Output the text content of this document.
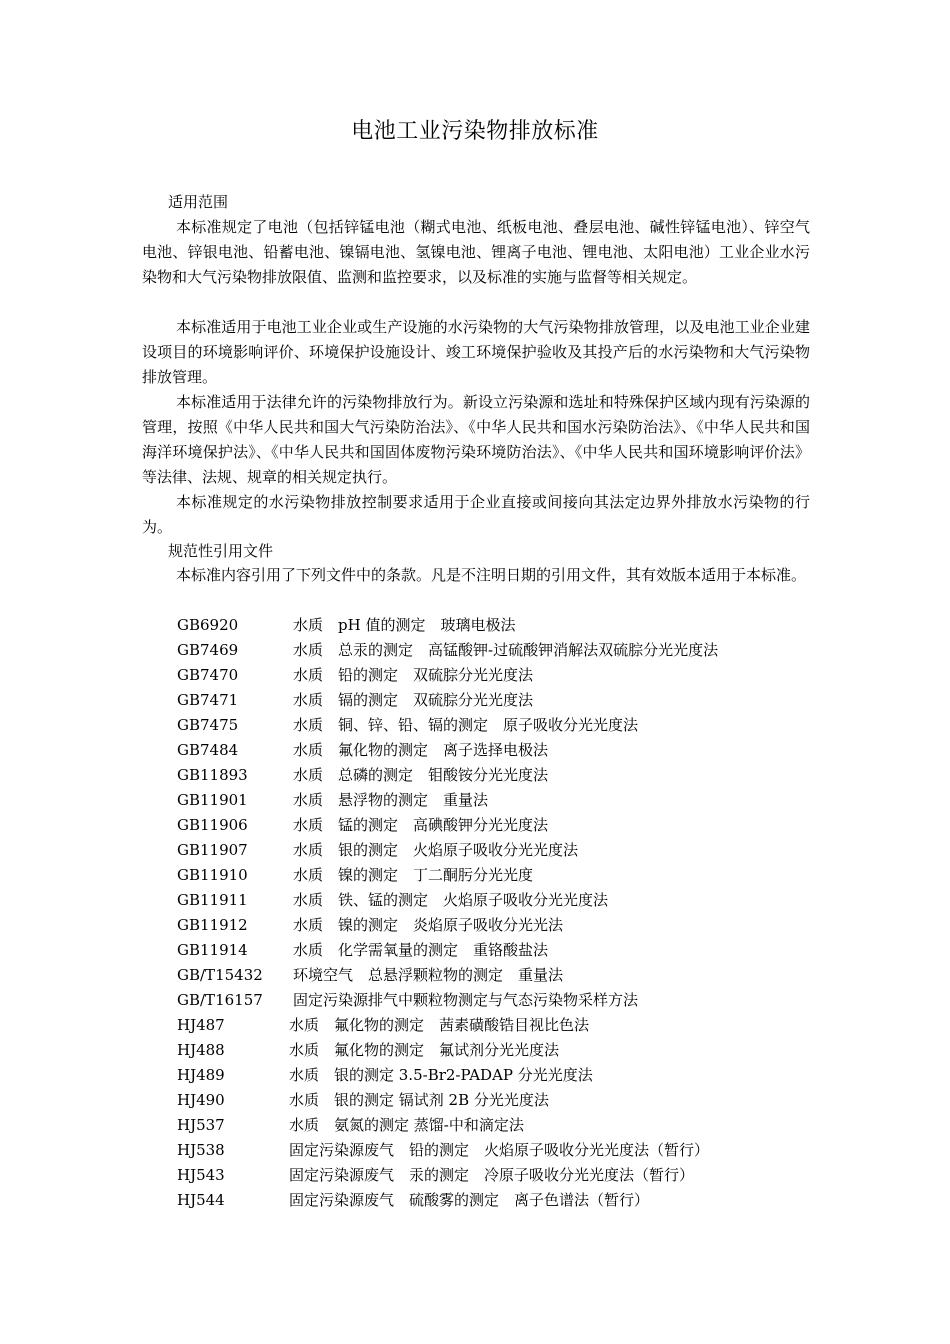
电池工业污染物排放标准
适用范围

本标准规定了电池（包括锌锰电池（糊式电池、纸板电池、叠层电池、碱性锌锰电池）、锌空气电池、锌银电池、铅蓄电池、镍镉电池、氢镍电池、锂离子电池、锂电池、太阳电池）工业企业水污染物和大气污染物排放限值、监测和监控要求，以及标准的实施与监督等相关规定。

本标准适用于电池工业企业或生产设施的水污染物的大气污染物排放管理，以及电池工业企业建设项目的环境影响评价、环境保护设施设计、竣工环境保护验收及其投产后的水污染物和大气污染物排放管理。

本标准适用于法律允许的污染物排放行为。新设立污染源和选址和特殊保护区域内现有污染源的管理，按照《中华人民共和国大气污染防治法》、《中华人民共和国水污染防治法》、《中华人民共和国海洋环境保护法》、《中华人民共和国固体废物污染环境防治法》、《中华人民共和国环境影响评价法》等法律、法规、规章的相关规定执行。

本标准规定的水污染物排放控制要求适用于企业直接或间接向其法定边界外排放水污染物的行为。

规范性引用文件

本标准内容引用了下列文件中的条款。凡是不注明日期的引用文件，其有效版本适用于本标准。

GB6920	水质　pH 值的测定　玻璃电极法
GB7469	水质　总汞的测定　高锰酸钾-过硫酸钾消解法双硫腙分光光度法
GB7470	水质　铅的测定　双硫腙分光光度法
GB7471	水质　镉的测定　双硫腙分光光度法
GB7475	水质　铜、锌、铅、镉的测定　原子吸收分光光度法
GB7484	水质　氟化物的测定　离子选择电极法
GB11893	水质　总磷的测定　钼酸铵分光光度法
GB11901	水质　悬浮物的测定　重量法
GB11906	水质　锰的测定　高碘酸钾分光光度法
GB11907	水质　银的测定　火焰原子吸收分光光度法
GB11910	水质　镍的测定　丁二酮肟分光光度
GB11911	水质　铁、锰的测定　火焰原子吸收分光光度法
GB11912	水质　镍的测定　炎焰原子吸收分光光法
GB11914	水质　化学需氧量的测定　重铬酸盐法
GB/T15432 环境空气　总悬浮颗粒物的测定　重量法
GB/T16157 固定污染源排气中颗粒物测定与气态污染物采样方法
HJ487	水质　氟化物的测定　茜素磺酸锆目视比色法
HJ488	水质　氟化物的测定　氟试剂分光光度法
HJ489	水质　银的测定 3.5-Br2-PADAP 分光光度法
HJ490	水质　银的测定 镉试剂 2B 分光光度法
HJ537	水质　氨氮的测定 蒸馏-中和滴定法
HJ538	固定污染源废气　铅的测定　火焰原子吸收分光光度法（暂行）
HJ543	固定污染源废气　汞的测定　冷原子吸收分光光度法（暂行）
HJ544	固定污染源废气　硫酸雾的测定　离子色谱法（暂行）
